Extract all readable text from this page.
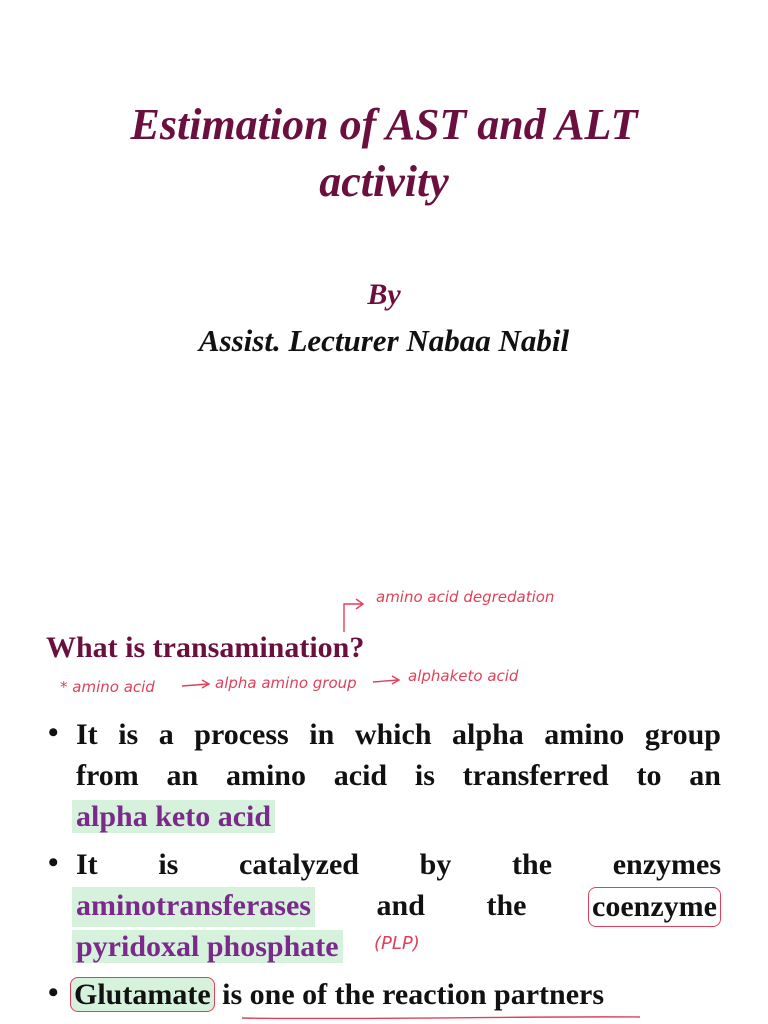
Estimation of AST and ALT
activity
By
Assist. Lecturer Nabaa Nabil
What is transamination?
amino acid degredation
* amino acid	alpha amino group	alphaketo acid
(PLP)
• It is a process in which alpha amino group
from an amino acid is transferred to an
alpha keto acid
• It is catalyzed by the enzymes
aminotransferases and the coenzyme
pyridoxal phosphate
• Glutamate is one of the reaction partners
